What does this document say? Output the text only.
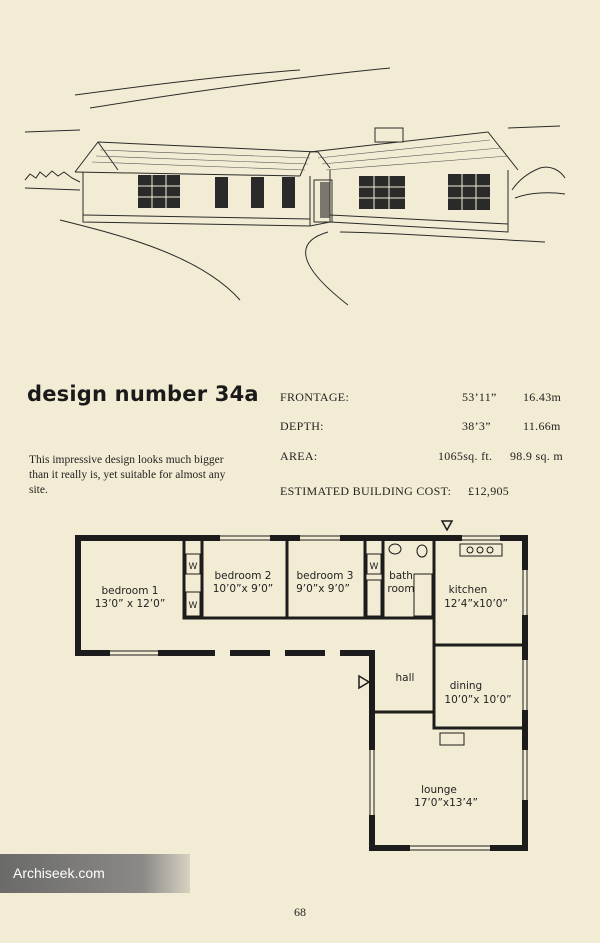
design number 34a
This impressive design looks much bigger than it really is, yet suitable for almost any site.
FRONTAGE:	53’11” 16.43m
DEPTH:	38’3”	11.66m
AREA:	1065sq. ft. 98.9 sq. m
ESTIMATED BUILDING COST: £12,905
bedroom 1
13’0” x 12’0”
bedroom 2
10’0”x 9’0”
bedroom 3
9’0”x 9’0”
bath
room	kitchen
12’4”x10’0”
hall
dining
10’0”x 10’0”
lounge
17’0”x13’4”
W
W
W
Archiseek.com
68
